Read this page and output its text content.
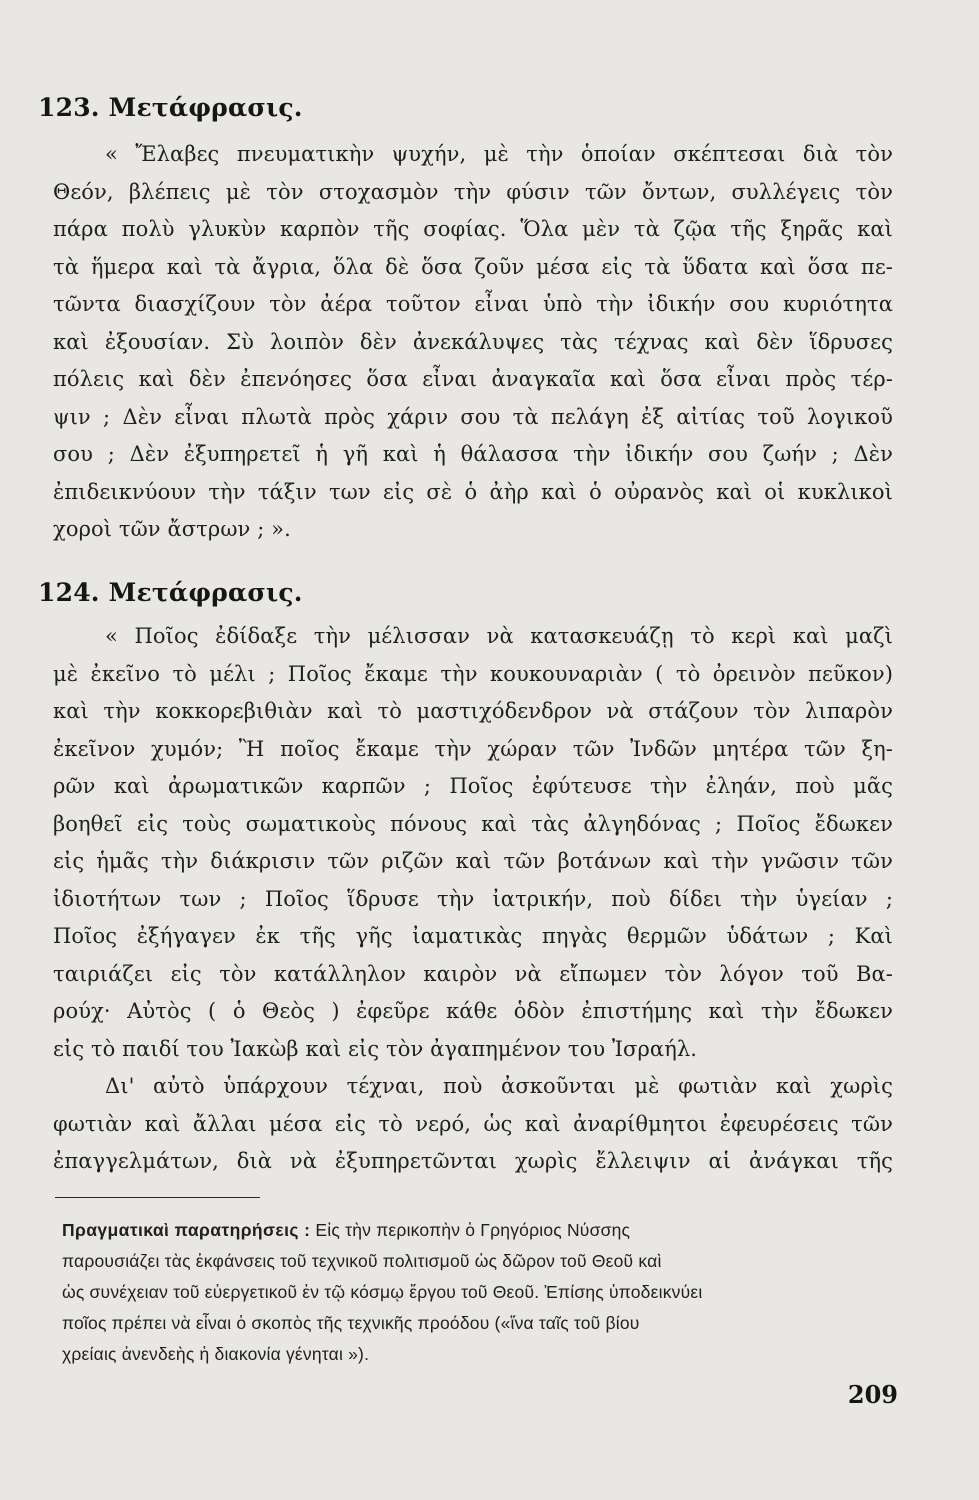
123. Μετάφρασις.
« Ἔλαβες πνευματικὴν ψυχήν, μὲ τὴν ὁποίαν σκέπτεσαι διὰ τὸν
Θεόν, βλέπεις μὲ τὸν στοχασμὸν τὴν φύσιν τῶν ὄντων, συλλέγεις τὸν
πάρα πολὺ γλυκὺν καρπὸν τῆς σοφίας. Ὅλα μὲν τὰ ζῷα τῆς ξηρᾶς καὶ
τὰ ἥμερα καὶ τὰ ἄγρια, ὅλα δὲ ὅσα ζοῦν μέσα εἰς τὰ ὕδατα καὶ ὅσα πε-
τῶντα διασχίζουν τὸν ἀέρα τοῦτον εἶναι ὑπὸ τὴν ἰδικήν σου κυριότητα
καὶ ἐξουσίαν. Σὺ λοιπὸν δὲν ἀνεκάλυψες τὰς τέχνας καὶ δὲν ἵδρυσες
πόλεις καὶ δὲν ἐπενόησες ὅσα εἶναι ἀναγκαῖα καὶ ὅσα εἶναι πρὸς τέρ-
ψιν ; Δὲν εἶναι πλωτὰ πρὸς χάριν σου τὰ πελάγη ἐξ αἰτίας τοῦ λογικοῦ
σου ; Δὲν ἐξυπηρετεῖ ἡ γῆ καὶ ἡ θάλασσα τὴν ἰδικήν σου ζωήν ; Δὲν
ἐπιδεικνύουν τὴν τάξιν των εἰς σὲ ὁ ἀὴρ καὶ ὁ οὐρανὸς καὶ οἱ κυκλικοὶ
χοροὶ τῶν ἄστρων ; ».
124. Μετάφρασις.
« Ποῖος ἐδίδαξε τὴν μέλισσαν νὰ κατασκευάζῃ τὸ κερὶ καὶ μαζὶ
μὲ ἐκεῖνο τὸ μέλι ; Ποῖος ἔκαμε τὴν κουκουναριὰν ( τὸ ὀρεινὸν πεῦκον)
καὶ τὴν κοκκορεβιθιὰν καὶ τὸ μαστιχόδενδρον νὰ στάζουν τὸν λιπαρὸν
ἐκεῖνον χυμόν; Ἢ ποῖος ἔκαμε τὴν χώραν τῶν Ἰνδῶν μητέρα τῶν ξη-
ρῶν καὶ ἀρωματικῶν καρπῶν ; Ποῖος ἐφύτευσε τὴν ἐληάν, ποὺ μᾶς
βοηθεῖ εἰς τοὺς σωματικοὺς πόνους καὶ τὰς ἀλγηδόνας ; Ποῖος ἔδωκεν
εἰς ἡμᾶς τὴν διάκρισιν τῶν ριζῶν καὶ τῶν βοτάνων καὶ τὴν γνῶσιν τῶν
ἰδιοτήτων των ; Ποῖος ἵδρυσε τὴν ἰατρικήν, ποὺ δίδει τὴν ὑγείαν ;
Ποῖος ἐξήγαγεν ἐκ τῆς γῆς ἰαματικὰς πηγὰς θερμῶν ὑδάτων ; Καὶ
ταιριάζει εἰς τὸν κατάλληλον καιρὸν νὰ εἴπωμεν τὸν λόγον τοῦ Βα-
ρούχ· Αὐτὸς ( ὁ Θεὸς ) ἐφεῦρε κάθε ὁδὸν ἐπιστήμης καὶ τὴν ἔδωκεν
εἰς τὸ παιδί του Ἰακὼβ καὶ εἰς τὸν ἀγαπημένον του Ἰσραήλ.
Δι' αὐτὸ ὑπάρχουν τέχναι, ποὺ ἀσκοῦνται μὲ φωτιὰν καὶ χωρὶς
φωτιὰν καὶ ἄλλαι μέσα εἰς τὸ νερό, ὡς καὶ ἀναρίθμητοι ἐφευρέσεις τῶν
ἐπαγγελμάτων, διὰ νὰ ἐξυπηρετῶνται χωρὶς ἔλλειψιν αἱ ἀνάγκαι τῆς
Πραγματικαὶ παρατηρήσεις : Εἰς τὴν περικοπὴν ὁ Γρηγόριος Νύσσης
παρουσιάζει τὰς ἐκφάνσεις τοῦ τεχνικοῦ πολιτισμοῦ ὡς δῶρον τοῦ Θεοῦ καὶ
ὡς συνέχειαν τοῦ εὐεργετικοῦ ἐν τῷ κόσμῳ ἔργου τοῦ Θεοῦ. Ἐπίσης ὑποδεικνύει
ποῖος πρέπει νὰ εἶναι ὁ σκοπὸς τῆς τεχνικῆς προόδου («ἵνα ταῖς τοῦ βίου
χρείαις ἀνενδεὴς ἡ διακονία γένηται »).
209
